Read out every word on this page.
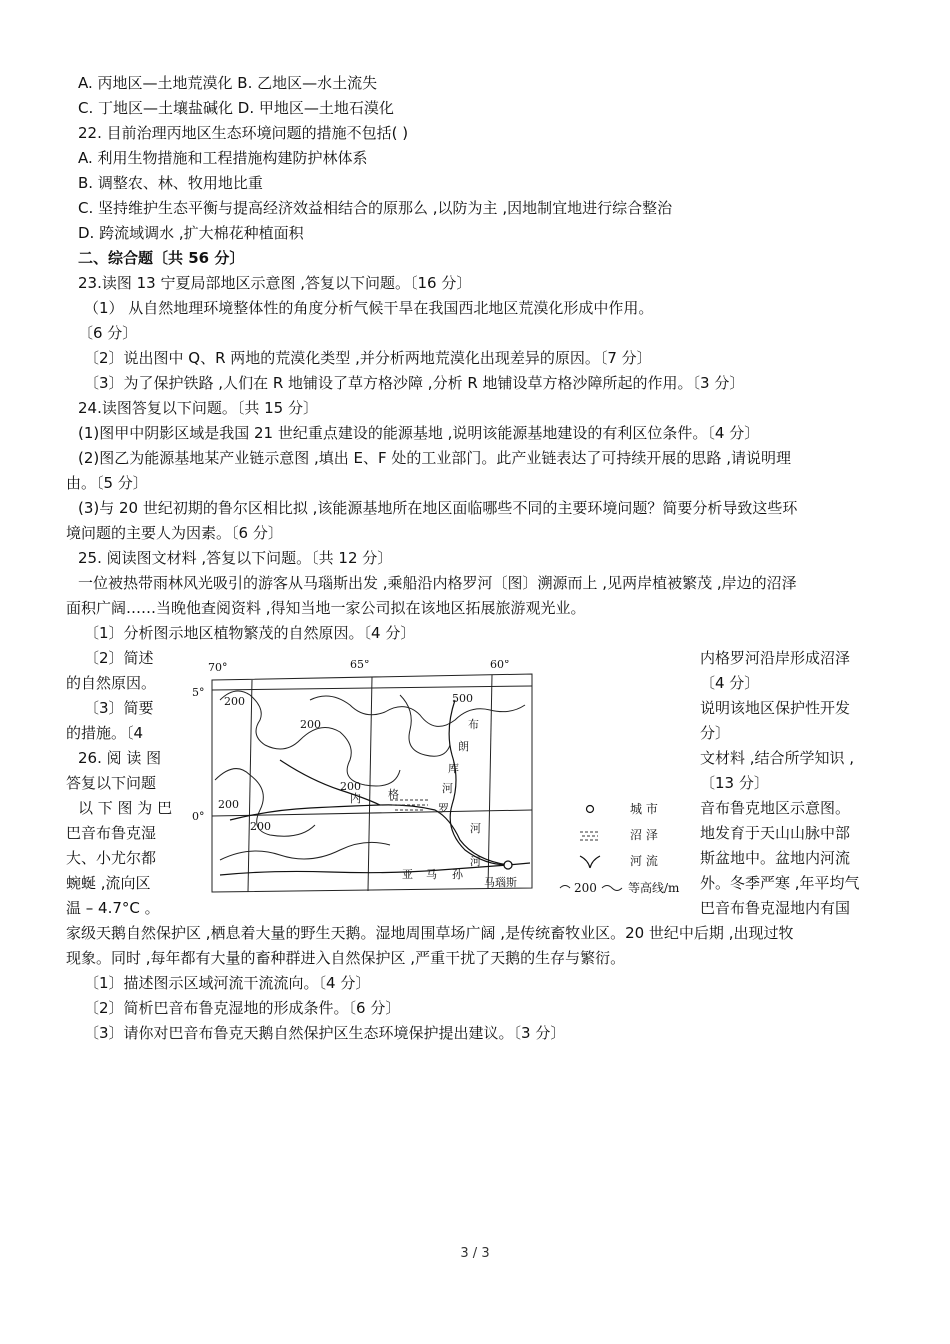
A. 丙地区—土地荒漠化 B. 乙地区—水土流失
C. 丁地区—土壤盐碱化 D. 甲地区—土地石漠化
22. 目前治理丙地区生态环境问题的措施不包括( )
A. 利用生物措施和工程措施构建防护林体系
B. 调整农、林、牧用地比重
C. 坚持维护生态平衡与提高经济效益相结合的原那么 ,以防为主 ,因地制宜地进行综合整治
D. 跨流域调水 ,扩大棉花种植面积
二、综合题〔共 56 分〕
23.读图 13 宁夏局部地区示意图 ,答复以下问题。〔16 分〕
（1） 从自然地理环境整体性的角度分析气候干旱在我国西北地区荒漠化形成中作用。
〔6 分〕
〔2〕说出图中 Q、R 两地的荒漠化类型 ,并分析两地荒漠化出现差异的原因。〔7 分〕
〔3〕为了保护铁路 ,人们在 R 地铺设了草方格沙障 ,分析 R 地铺设草方格沙障所起的作用。〔3 分〕
24.读图答复以下问题。〔共 15 分〕
(1)图甲中阴影区域是我国 21 世纪重点建设的能源基地 ,说明该能源基地建设的有利区位条件。〔4 分〕
(2)图乙为能源基地某产业链示意图 ,填出 E、F 处的工业部门。此产业链表达了可持续开展的思路 ,请说明理
由。〔5 分〕
(3)与 20 世纪初期的鲁尔区相比拟 ,该能源基地所在地区面临哪些不同的主要环境问题？简要分析导致这些环
境问题的主要人为因素。〔6 分〕
25. 阅读图文材料 ,答复以下问题。〔共 12 分〕
一位被热带雨林风光吸引的游客从马瑙斯出发 ,乘船沿内格罗河〔图〕溯源而上 ,见两岸植被繁茂 ,岸边的沼泽
面积广阔……当晚他查阅资料 ,得知当地一家公司拟在该地区拓展旅游观光业。
〔1〕分析图示地区植物繁茂的自然原因。〔4 分〕
〔2〕简述	内格罗河沿岸形成沼泽
的自然原因。	〔4 分〕
〔3〕简要	说明该地区保护性开发
的措施。〔4	分〕
26. 阅 读 图	文材料 ,结合所学知识 ,
答复以下问题	〔13 分〕
以 下 图 为 巴	音布鲁克地区示意图。
巴音布鲁克湿	地发育于天山山脉中部
大、小尤尔都	斯盆地中。盆地内河流
蜿蜒 ,流向区	外。冬季严寒 ,年平均气
温 – 4.7°C 。	巴音布鲁克湿地内有国
家级天鹅自然保护区 ,栖息着大量的野生天鹅。湿地周围草场广阔 ,是传统畜牧业区。20 世纪中后期 ,出现过牧
现象。同时 ,每年都有大量的畜种群进入自然保护区 ,严重干扰了天鹅的生存与繁衍。
〔1〕描述图示区域河流干流流向。〔4 分〕
〔2〕简析巴音布鲁克湿地的形成条件。〔6 分〕
〔3〕请你对巴音布鲁克天鹅自然保护区生态环境保护提出建议。〔3 分〕
70°	65°	60°
5°
0°
200
200
200
200
200
500
布
朗
库
河
内 格
罗
河
河
亚 马 孙
马瑙斯
城 市
沼 泽
河 流
200	等高线/m
3 / 3
